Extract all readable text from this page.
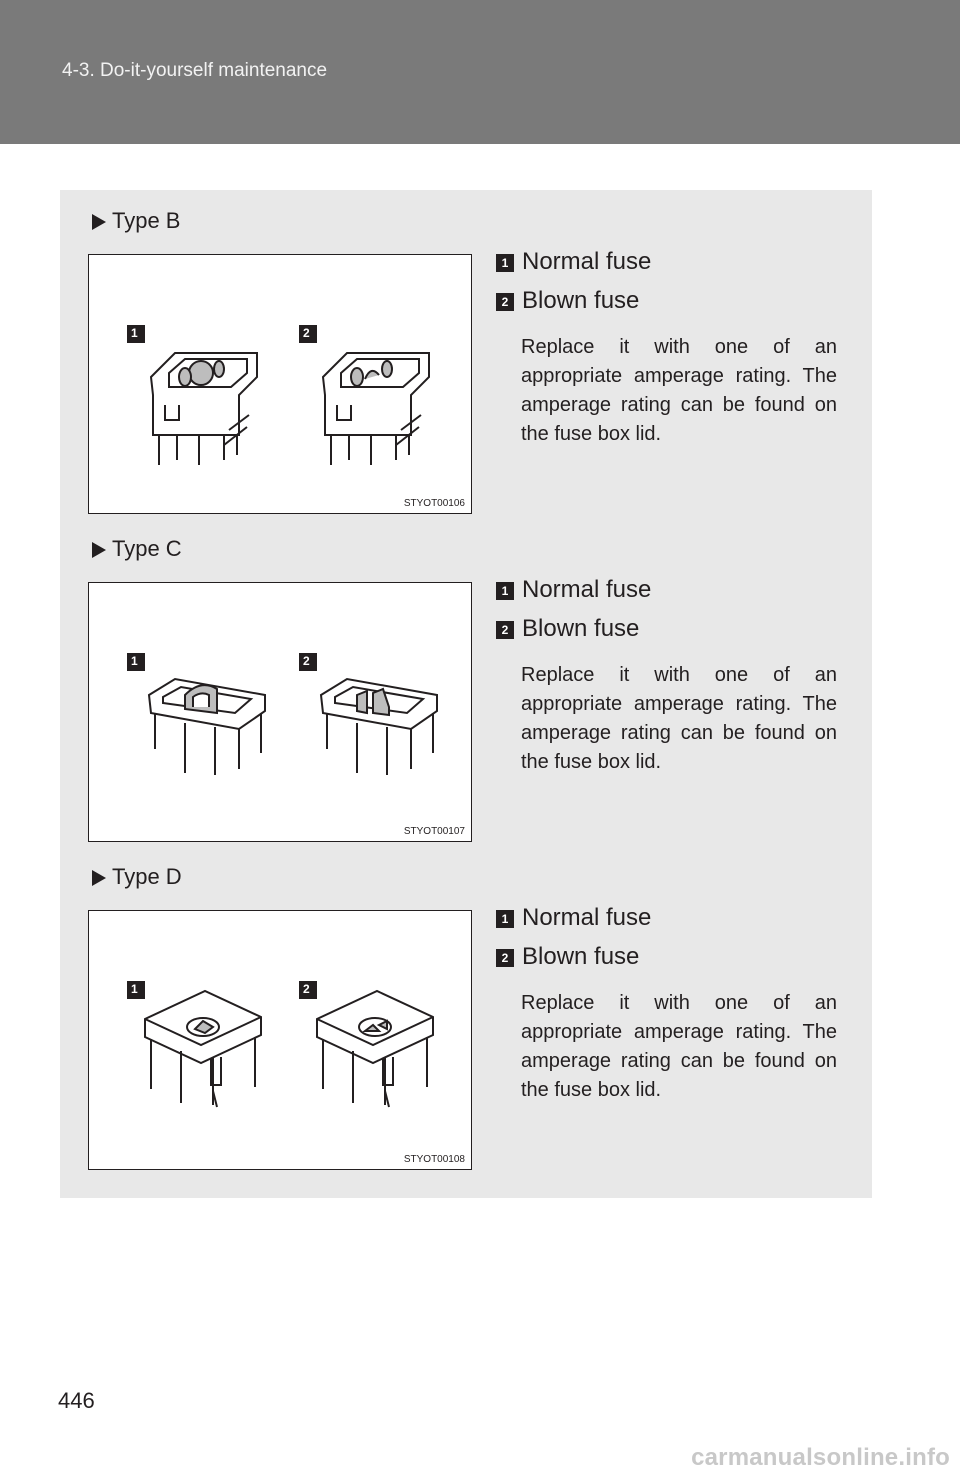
4-3. Do-it-yourself maintenance
Type B
1	2
STYOT00106
1 Normal fuse
2 Blown fuse
Replace it with one of an appropriate amperage rating. The amperage rating can be found on the fuse box lid.
Type C
1	2
STYOT00107
1 Normal fuse
2 Blown fuse
Replace it with one of an appropriate amperage rating. The amperage rating can be found on the fuse box lid.
Type D
1	2
STYOT00108
1 Normal fuse
2 Blown fuse
Replace it with one of an appropriate amperage rating. The amperage rating can be found on the fuse box lid.
446
carmanualsonline.info
